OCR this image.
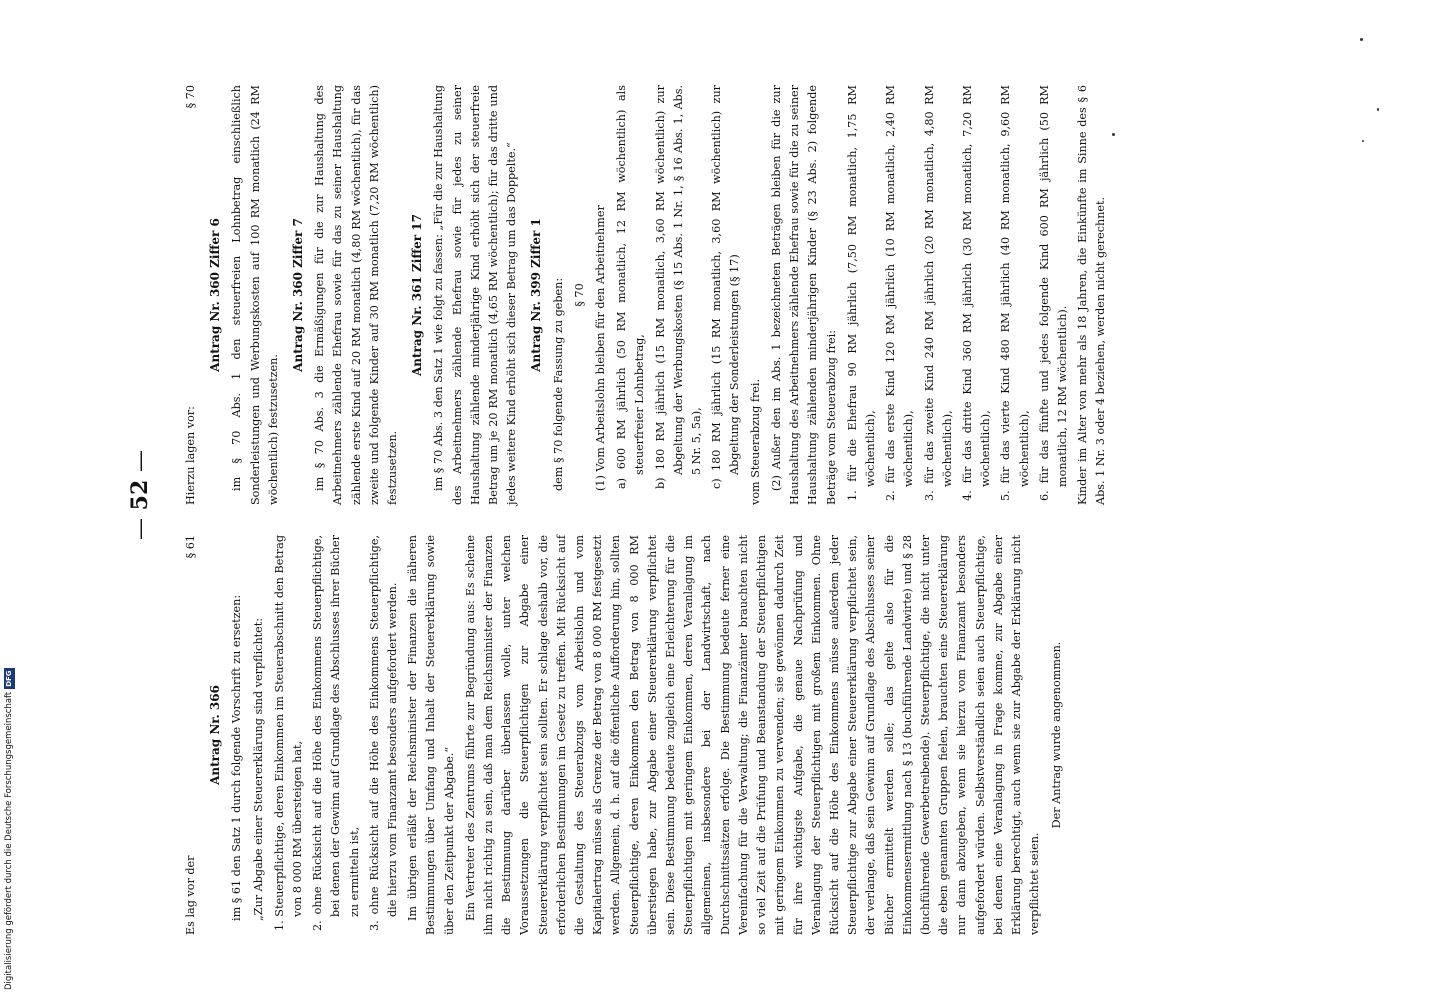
— 52 —
Es lag vor der
§ 61
Antrag Nr. 366 im § 61 den Satz 1 durch folgende Vorschrift zu ersetzen: „Zur Abgabe einer Steuererklärung sind verpflichtet: 1. Steuerpflichtige, deren Einkommen im Steuerabschnitt den Betrag von 8 000 RM übersteigen hat, 2. ohne Rücksicht auf die Höhe des Einkommens Steuerpflichtige, bei denen der Gewinn auf Grundlage des Abschlusses ihrer Bücher zu ermitteln ist, 3. ohne Rücksicht auf die Höhe des Einkommens Steuerpflichtige, die hierzu vom Finanzamt besonders aufgefordert werden. Im übrigen erläßt der Reichsminister der Finanzen die näheren Bestimmungen über Umfang und Inhalt der Steuererklärung sowie über den Zeitpunkt der Abgabe.“ Ein Vertreter des Zentrums führte zur Begründung aus: Es scheine ihm nicht richtig zu sein, daß man dem Reichsminister der Finanzen die Bestimmung darüber überlassen wolle, unter welchen Voraussetzungen die Steuerpflichtigen zur Abgabe einer Steuererklärung verpflichtet sein sollten. Er schlage deshalb vor, die erforderlichen Bestimmungen im Gesetz zu treffen. Mit Rücksicht auf die Gestaltung des Steuerabzugs vom Arbeitslohn und vom Kapitalertrag müsse als Grenze der Betrag von 8 000 RM festgesetzt werden. Allgemein, d. h. auf die öffentliche Aufforderung hin, sollten Steuerpflichtige, deren Einkommen den Betrag von 8 000 RM überstiegen habe, zur Abgabe einer Steuererklärung verpflichtet sein. Diese Bestimmung bedeute zugleich eine Erleichterung für die Steuerpflichtigen mit geringem Einkommen, deren Veranlagung im allgemeinen, insbesondere bei der Landwirtschaft, nach Durchschnittssätzen erfolge. Die Bestimmung bedeute ferner eine Vereinfachung für die Verwaltung; die Finanzämter brauchten nicht so viel Zeit auf die Prüfung und Beanstandung der Steuerpflichtigen mit geringem Einkommen zu verwenden; sie gewönnen dadurch Zeit für ihre wichtigste Aufgabe, die genaue Nachprüfung und Veranlagung der Steuerpflichtigen mit großem Einkommen. Ohne Rücksicht auf die Höhe des Einkommens müsse außerdem jeder Steuerpflichtige zur Abgabe einer Steuererklärung verpflichtet sein, der verlange, daß sein Gewinn auf Grundlage des Abschlusses seiner Bücher ermittelt werden solle; das gelte also für die Einkommensermittlung nach § 13 (buchführende Landwirte) und § 28 (buchführende Gewerbetreibende). Steuerpflichtige, die nicht unter die eben genannten Gruppen fielen, brauchten eine Steuererklärung nur dann abzugeben, wenn sie hierzu vom Finanzamt besonders aufgefordert würden. Selbstverständlich seien auch Steuerpflichtige, bei denen eine Veranlagung in Frage komme, zur Abgabe einer Erklärung berechtigt, auch wenn sie zur Abgabe der Erklärung nicht verpflichtet seien.

Der Antrag wurde angenommen.

Hierzu lagen vor:
§ 70
Antrag Nr. 360 Ziffer 6 im § 70 Abs. 1 den steuerfreien Lohnbetrag einschließlich Sonderleistungen und Werbungskosten auf 100 RM monatlich (24 RM wöchentlich) festzusetzen.

Antrag Nr. 360 Ziffer 7 im § 70 Abs. 3 die Ermäßigungen für die zur Haushaltung des Arbeitnehmers zählende Ehefrau sowie für das zu seiner Haushaltung zählende erste Kind auf 20 RM monatlich (4,80 RM wöchentlich), für das zweite und folgende Kinder auf 30 RM monatlich (7,20 RM wöchentlich) festzusetzen.

Antrag Nr. 361 Ziffer 17 im § 70 Abs. 3 den Satz 1 wie folgt zu fassen: „Für die zur Haushaltung des Arbeitnehmers zählende Ehefrau sowie für jedes zu seiner Haushaltung zählende minderjährige Kind erhöht sich der steuerfreie Betrag um je 20 RM monatlich (4,65 RM wöchentlich); für das dritte und jedes weitere Kind erhöht sich dieser Betrag um das Doppelte.“ Antrag Nr. 399 Ziffer 1 dem § 70 folgende Fassung zu geben: § 70 (1) Vom Arbeitslohn bleiben für den Arbeitnehmer a) 600 RM jährlich (50 RM monatlich, 12 RM wöchentlich) als steuerfreier Lohnbetrag, b) 180 RM jährlich (15 RM monatlich, 3,60 RM wöchentlich) zur Abgeltung der Werbungskosten (§ 15 Abs. 1 Nr. 1, § 16 Abs. 1, Abs. 5 Nr. 5, 5a), c) 180 RM jährlich (15 RM monatlich, 3,60 RM wöchentlich) zur Abgeltung der Sonderleistungen (§ 17) vom Steuerabzug frei. (2) Außer den im Abs. 1 bezeichneten Beträgen bleiben für die zur Haushaltung des Arbeitnehmers zählende Ehefrau sowie für die zu seiner Haushaltung zählenden minderjährigen Kinder (§ 23 Abs. 2) folgende Beträge vom Steuerabzug frei: 1. für die Ehefrau 90 RM jährlich (7,50 RM monatlich, 1,75 RM wöchentlich), 2. für das erste Kind 120 RM jährlich (10 RM monatlich, 2,40 RM wöchentlich), 3. für das zweite Kind 240 RM jährlich (20 RM monatlich, 4,80 RM wöchentlich), 4. für das dritte Kind 360 RM jährlich (30 RM monatlich, 7,20 RM wöchentlich), 5. für das vierte Kind 480 RM jährlich (40 RM monatlich, 9,60 RM wöchentlich), 6. für das fünfte und jedes folgende Kind 600 RM jährlich (50 RM monatlich, 12 RM wöchentlich). Kinder im Alter von mehr als 18 Jahren, die Einkünfte im Sinne des § 6 Abs. 1 Nr. 3 oder 4 beziehen, werden nicht gerechnet.

Digitalisierung gefördert durch die Deutsche ForschungsgemeinschaftDFG
